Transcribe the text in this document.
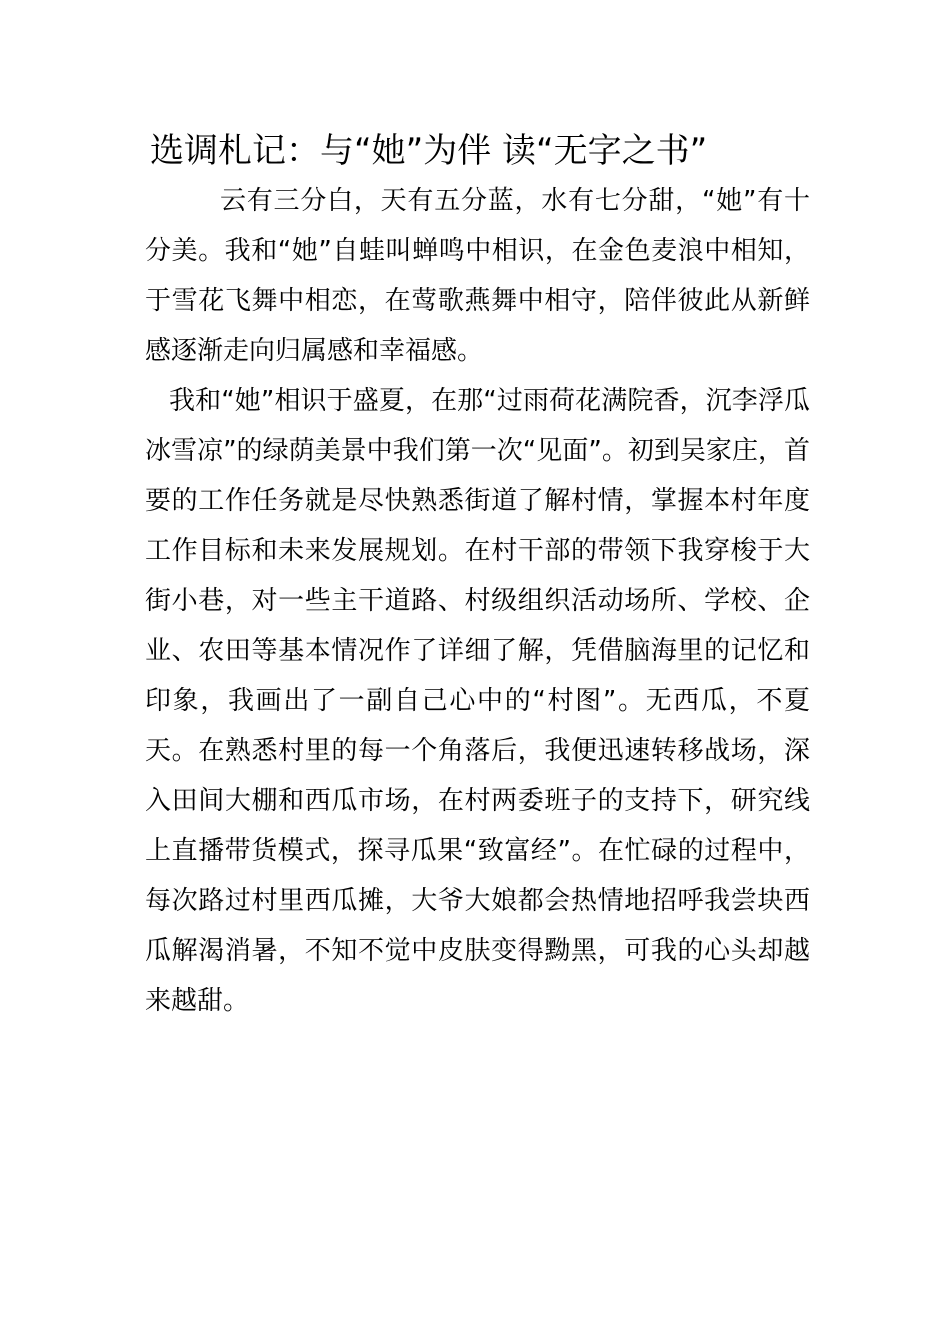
选调札记：与“她”为伴 读“无字之书”

云有三分白，天有五分蓝，水有七分甜，“她”有十分美。我和“她”自蛙叫蝉鸣中相识，在金色麦浪中相知，于雪花飞舞中相恋，在莺歌燕舞中相守，陪伴彼此从新鲜感逐渐走向归属感和幸福感。

我和“她”相识于盛夏，在那“过雨荷花满院香，沉李浮瓜冰雪凉”的绿荫美景中我们第一次“见面”。初到吴家庄，首要的工作任务就是尽快熟悉街道了解村情，掌握本村年度工作目标和未来发展规划。在村干部的带领下我穿梭于大街小巷，对一些主干道路、村级组织活动场所、学校、企业、农田等基本情况作了详细了解，凭借脑海里的记忆和印象，我画出了一副自己心中的“村图”。无西瓜，不夏天。在熟悉村里的每一个角落后，我便迅速转移战场，深入田间大棚和西瓜市场，在村两委班子的支持下，研究线上直播带货模式，探寻瓜果“致富经”。在忙碌的过程中，每次路过村里西瓜摊，大爷大娘都会热情地招呼我尝块西瓜解渴消暑，不知不觉中皮肤变得黝黑，可我的心头却越来越甜。
